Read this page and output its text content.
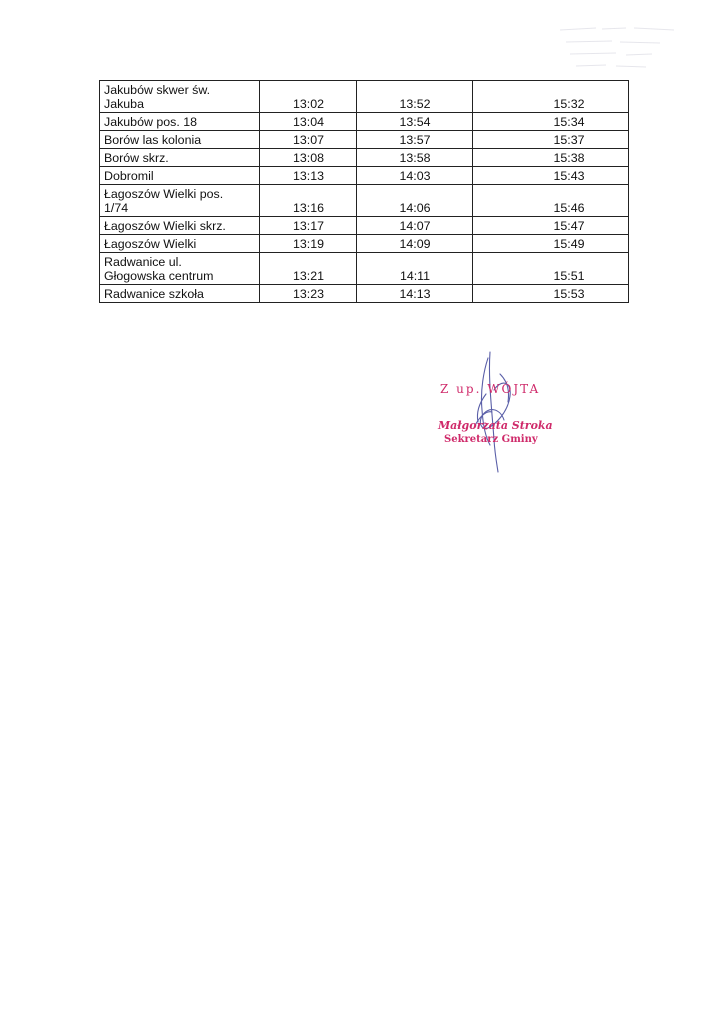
Jakubów skwer św.
Jakuba	13:02	13:52	15:32

Jakubów pos. 18	13:04	13:54	15:34

Borów las kolonia	13:07	13:57	15:37

Borów skrz.	13:08	13:58	15:38

Dobromil	13:13	14:03	15:43

Łagoszów Wielki pos.
1/74	13:16	14:06	15:46

Łagoszów Wielki skrz.	13:17	14:07	15:47

Łagoszów Wielki	13:19	14:09	15:49

Radwanice ul.
Głogowska centrum	13:21	14:11	15:51

Radwanice szkoła	13:23	14:13	15:53
Z up. WÓJTA
Małgorzata Stroka
Sekretarz Gminy
